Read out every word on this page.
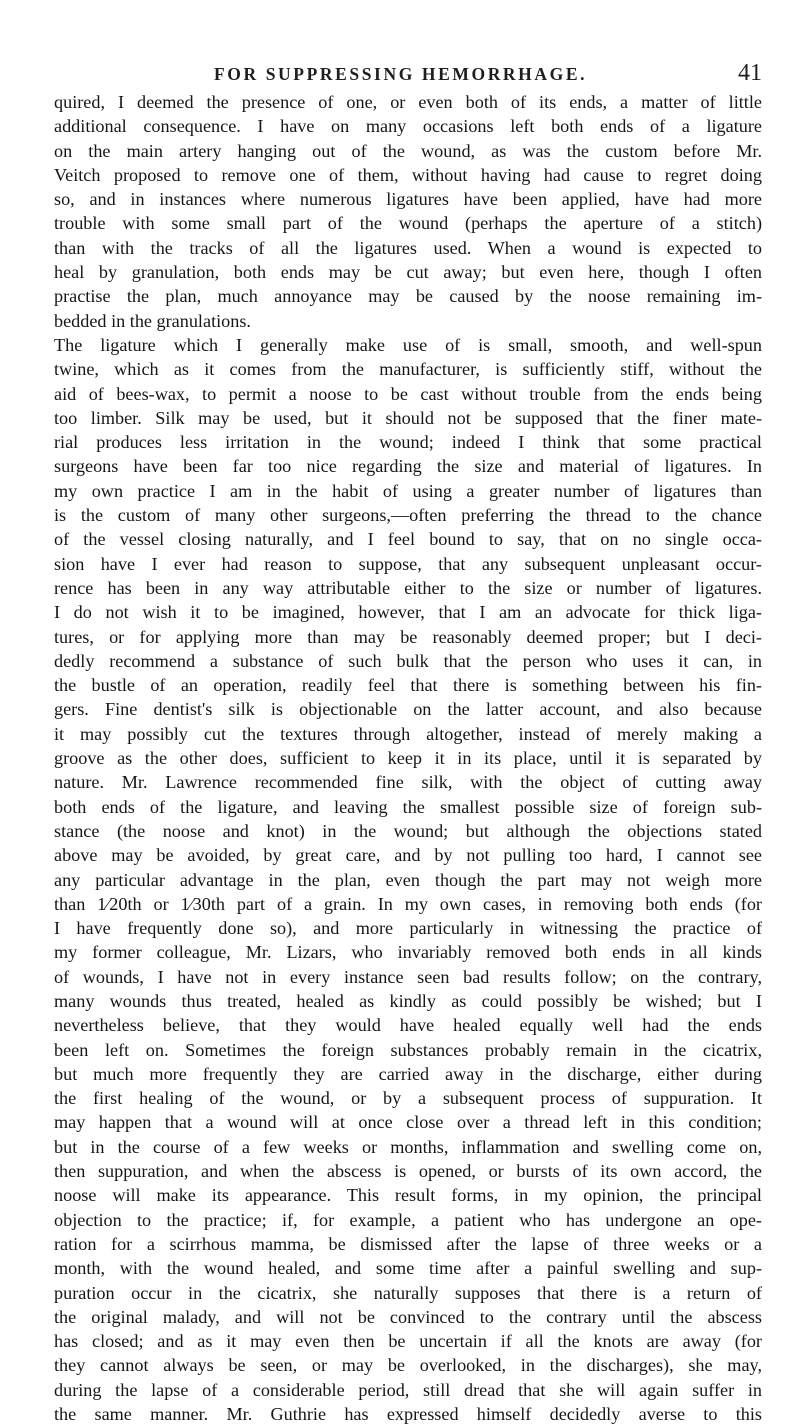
FOR SUPPRESSING HEMORRHAGE.	41
quired, I deemed the presence of one, or even both of its ends, a matter of little
additional consequence. I have on many occasions left both ends of a ligature
on the main artery hanging out of the wound, as was the custom before Mr.
Veitch proposed to remove one of them, without having had cause to regret doing
so, and in instances where numerous ligatures have been applied, have had more
trouble with some small part of the wound (perhaps the aperture of a stitch)
than with the tracks of all the ligatures used. When a wound is expected to
heal by granulation, both ends may be cut away; but even here, though I often
practise the plan, much annoyance may be caused by the noose remaining im-
bedded in the granulations.
The ligature which I generally make use of is small, smooth, and well-spun
twine, which as it comes from the manufacturer, is sufficiently stiff, without the
aid of bees-wax, to permit a noose to be cast without trouble from the ends being
too limber. Silk may be used, but it should not be supposed that the finer mate-
rial produces less irritation in the wound; indeed I think that some practical
surgeons have been far too nice regarding the size and material of ligatures. In
my own practice I am in the habit of using a greater number of ligatures than
is the custom of many other surgeons,—often preferring the thread to the chance
of the vessel closing naturally, and I feel bound to say, that on no single occa-
sion have I ever had reason to suppose, that any subsequent unpleasant occur-
rence has been in any way attributable either to the size or number of ligatures.
I do not wish it to be imagined, however, that I am an advocate for thick liga-
tures, or for applying more than may be reasonably deemed proper; but I deci-
dedly recommend a substance of such bulk that the person who uses it can, in
the bustle of an operation, readily feel that there is something between his fin-
gers. Fine dentist's silk is objectionable on the latter account, and also because
it may possibly cut the textures through altogether, instead of merely making a
groove as the other does, sufficient to keep it in its place, until it is separated by
nature. Mr. Lawrence recommended fine silk, with the object of cutting away
both ends of the ligature, and leaving the smallest possible size of foreign sub-
stance (the noose and knot) in the wound; but although the objections stated
above may be avoided, by great care, and by not pulling too hard, I cannot see
any particular advantage in the plan, even though the part may not weigh more
than 1⁄20th or 1⁄30th part of a grain. In my own cases, in removing both ends (for
I have frequently done so), and more particularly in witnessing the practice of
my former colleague, Mr. Lizars, who invariably removed both ends in all kinds
of wounds, I have not in every instance seen bad results follow; on the contrary,
many wounds thus treated, healed as kindly as could possibly be wished; but I
nevertheless believe, that they would have healed equally well had the ends
been left on. Sometimes the foreign substances probably remain in the cicatrix,
but much more frequently they are carried away in the discharge, either during
the first healing of the wound, or by a subsequent process of suppuration. It
may happen that a wound will at once close over a thread left in this condition;
but in the course of a few weeks or months, inflammation and swelling come on,
then suppuration, and when the abscess is opened, or bursts of its own accord, the
noose will make its appearance. This result forms, in my opinion, the principal
objection to the practice; if, for example, a patient who has undergone an ope-
ration for a scirrhous mamma, be dismissed after the lapse of three weeks or a
month, with the wound healed, and some time after a painful swelling and sup-
puration occur in the cicatrix, she naturally supposes that there is a return of
the original malady, and will not be convinced to the contrary until the abscess
has closed; and as it may even then be uncertain if all the knots are away (for
they cannot always be seen, or may be overlooked, in the discharges), she may,
during the lapse of a considerable period, still dread that she will again suffer in
the same manner. Mr. Guthrie has expressed himself decidedly averse to this
